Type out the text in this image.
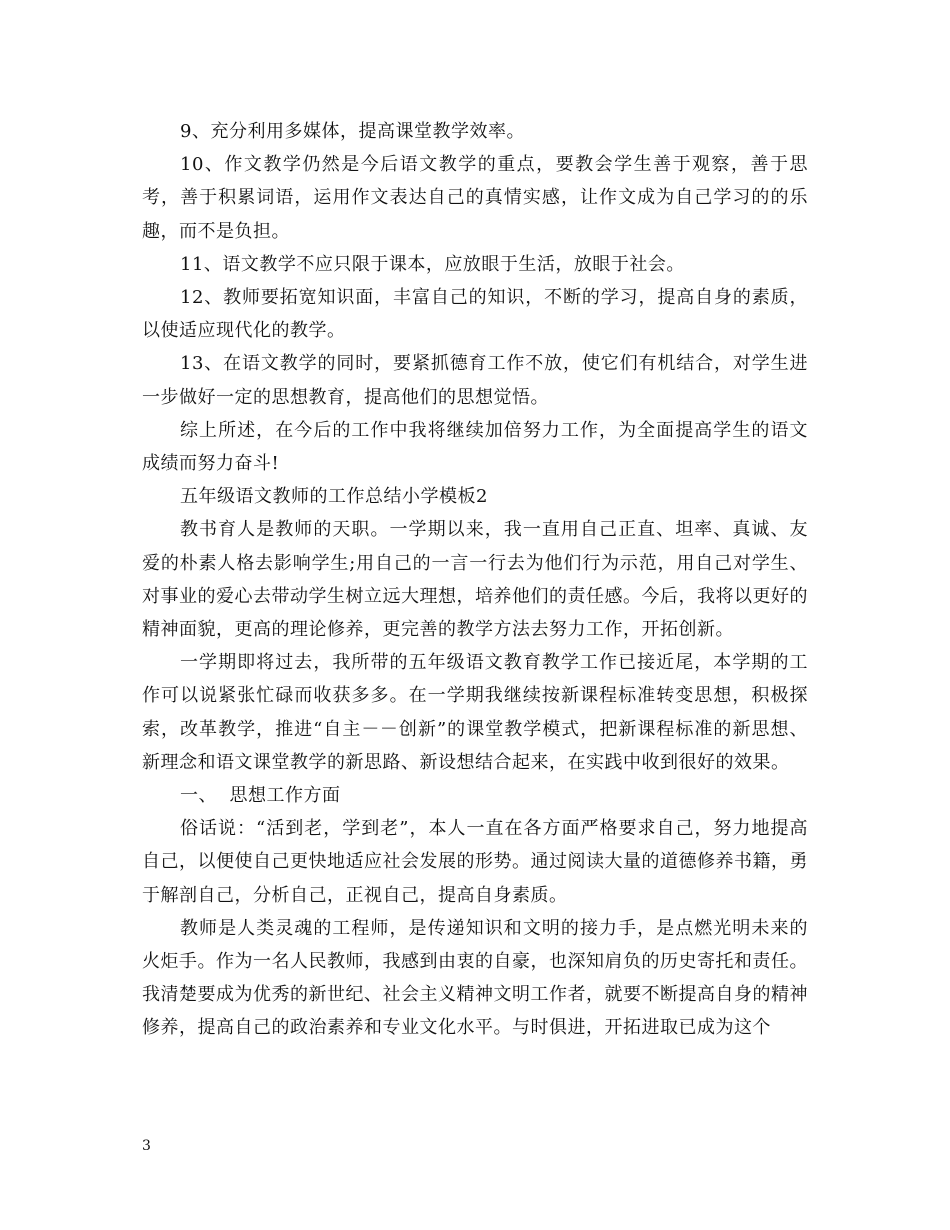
9、充分利用多媒体，提高课堂教学效率。

10、作文教学仍然是今后语文教学的重点，要教会学生善于观察，善于思考，善于积累词语，运用作文表达自己的真情实感，让作文成为自己学习的的乐趣，而不是负担。

11、语文教学不应只限于课本，应放眼于生活，放眼于社会。

12、教师要拓宽知识面，丰富自己的知识，不断的学习，提高自身的素质，以使适应现代化的教学。

13、在语文教学的同时，要紧抓德育工作不放，使它们有机结合，对学生进一步做好一定的思想教育，提高他们的思想觉悟。

综上所述，在今后的工作中我将继续加倍努力工作，为全面提高学生的语文成绩而努力奋斗!

五年级语文教师的工作总结小学模板2

教书育人是教师的天职。一学期以来，我一直用自己正直、坦率、真诚、友爱的朴素人格去影响学生;用自己的一言一行去为他们行为示范，用自己对学生、对事业的爱心去带动学生树立远大理想，培养他们的责任感。今后，我将以更好的精神面貌，更高的理论修养，更完善的教学方法去努力工作，开拓创新。

一学期即将过去，我所带的五年级语文教育教学工作已接近尾，本学期的工作可以说紧张忙碌而收获多多。在一学期我继续按新课程标准转变思想，积极探索，改革教学，推进“自主－－创新”的课堂教学模式，把新课程标准的新思想、新理念和语文课堂教学的新思路、新设想结合起来，在实践中收到很好的效果。

一、  思想工作方面

俗话说：“活到老，学到老”，本人一直在各方面严格要求自己，努力地提高自己，以便使自己更快地适应社会发展的形势。通过阅读大量的道德修养书籍，勇于解剖自己，分析自己，正视自己，提高自身素质。

教师是人类灵魂的工程师，是传递知识和文明的接力手，是点燃光明未来的火炬手。作为一名人民教师，我感到由衷的自豪，也深知肩负的历史寄托和责任。我清楚要成为优秀的新世纪、社会主义精神文明工作者，就要不断提高自身的精神修养，提高自己的政治素养和专业文化水平。与时俱进，开拓进取已成为这个

3
